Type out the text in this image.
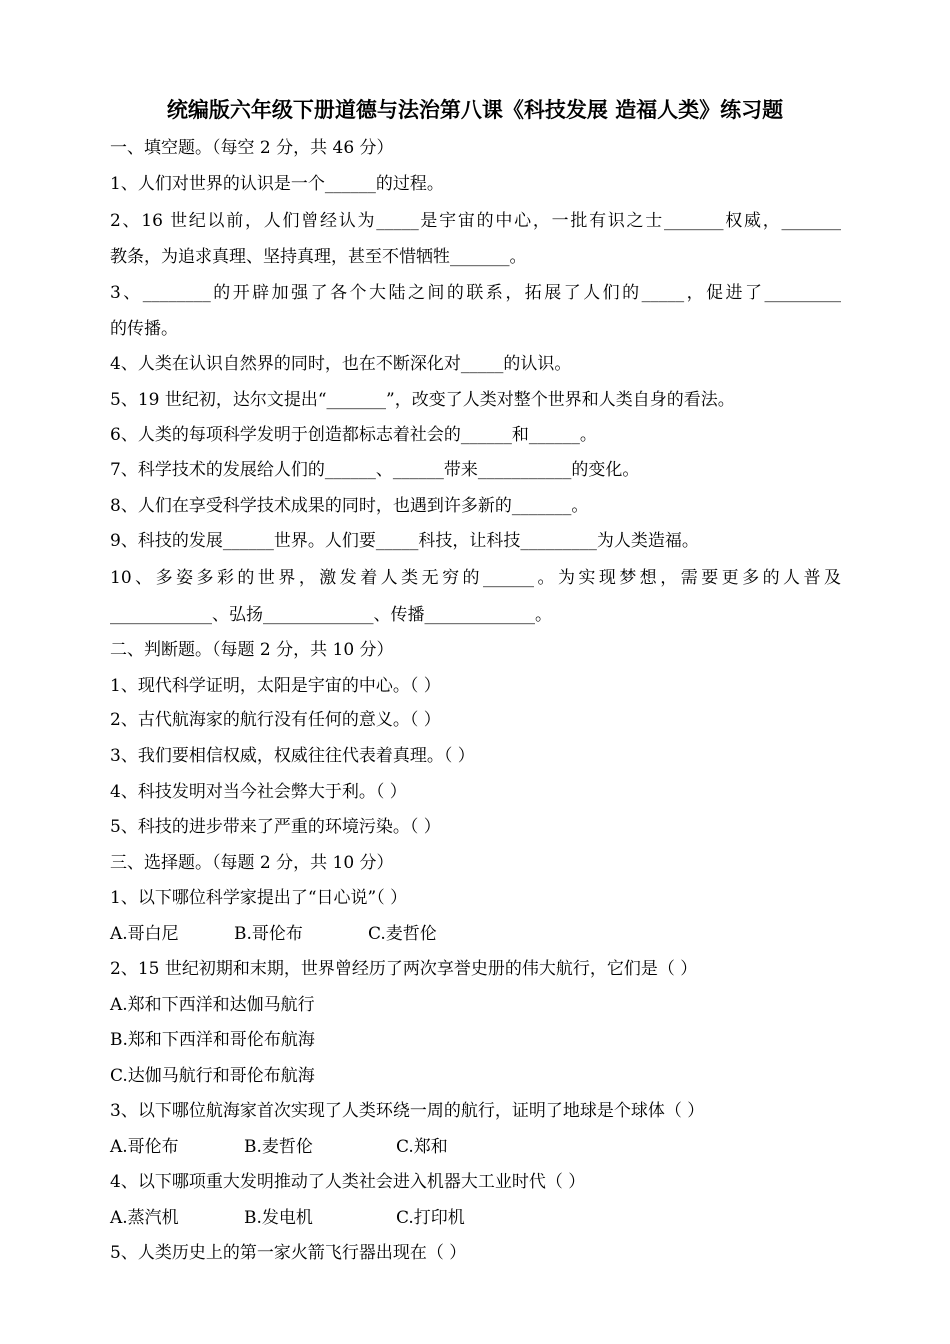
统编版六年级下册道德与法治第八课《科技发展 造福人类》练习题
一、填空题。（每空 2 分，共 46 分）
1、人们对世界的认识是一个______的过程。
2、16 世纪以前，人们曾经认为_____是宇宙的中心，一批有识之士_______权威，_______
教条，为追求真理、坚持真理，甚至不惜牺牲_______。
3、________的开辟加强了各个大陆之间的联系，拓展了人们的_____，促进了_________
的传播。
4、人类在认识自然界的同时，也在不断深化对_____的认识。
5、19 世纪初，达尔文提出“_______”，改变了人类对整个世界和人类自身的看法。
6、人类的每项科学发明于创造都标志着社会的______和______。
7、科学技术的发展给人们的______、______带来___________的变化。
8、人们在享受科学技术成果的同时，也遇到许多新的_______。
9、科技的发展______世界。人们要_____科技，让科技_________为人类造福。
10、多姿多彩的世界，激发着人类无穷的______。为实现梦想，需要更多的人普及
____________、弘扬_____________、传播_____________。
二、判断题。（每题 2 分，共 10 分）
1、现代科学证明，太阳是宇宙的中心。（ ）
2、古代航海家的航行没有任何的意义。（ ）
3、我们要相信权威，权威往往代表着真理。（ ）
4、科技发明对当今社会弊大于利。（ ）
5、科技的进步带来了严重的环境污染。（ ）
三、选择题。（每题 2 分，共 10 分）
1、以下哪位科学家提出了“日心说”（ ）
A.哥白尼	B.哥伦布	C.麦哲伦
2、15 世纪初期和末期，世界曾经历了两次享誉史册的伟大航行，它们是（ ）
A.郑和下西洋和达伽马航行
B.郑和下西洋和哥伦布航海
C.达伽马航行和哥伦布航海
3、以下哪位航海家首次实现了人类环绕一周的航行，证明了地球是个球体（ ）
A.哥伦布	B.麦哲伦	C.郑和
4、以下哪项重大发明推动了人类社会进入机器大工业时代（ ）
A.蒸汽机	B.发电机	C.打印机
5、人类历史上的第一家火箭飞行器出现在（ ）
